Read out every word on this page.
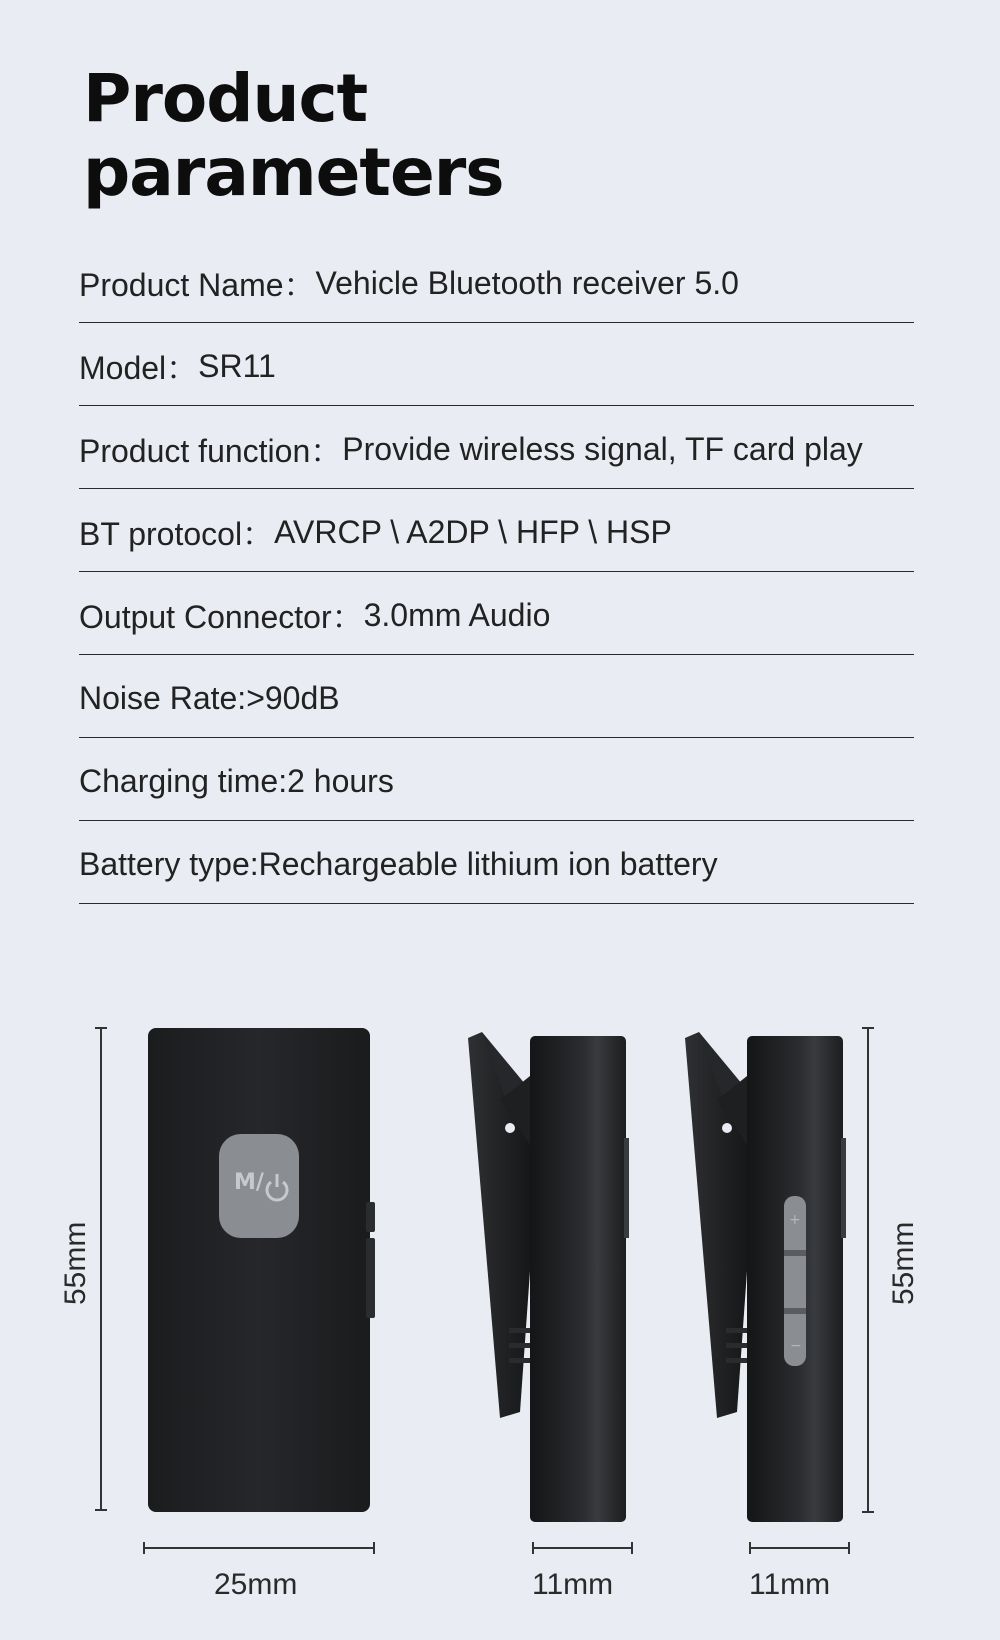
Product
parameters
Product Name： Vehicle Bluetooth receiver 5.0
Model： SR11
Product function： Provide wireless signal, TF card play
BT protocol： AVRCP \ A2DP \ HFP \ HSP
Output Connector： 3.0mm Audio
Noise Rate: >90dB
Charging time: 2 hours
Battery type: Rechargeable lithium ion battery
M/
+
−
55mm	55mm
25mm	11mm	11mm
